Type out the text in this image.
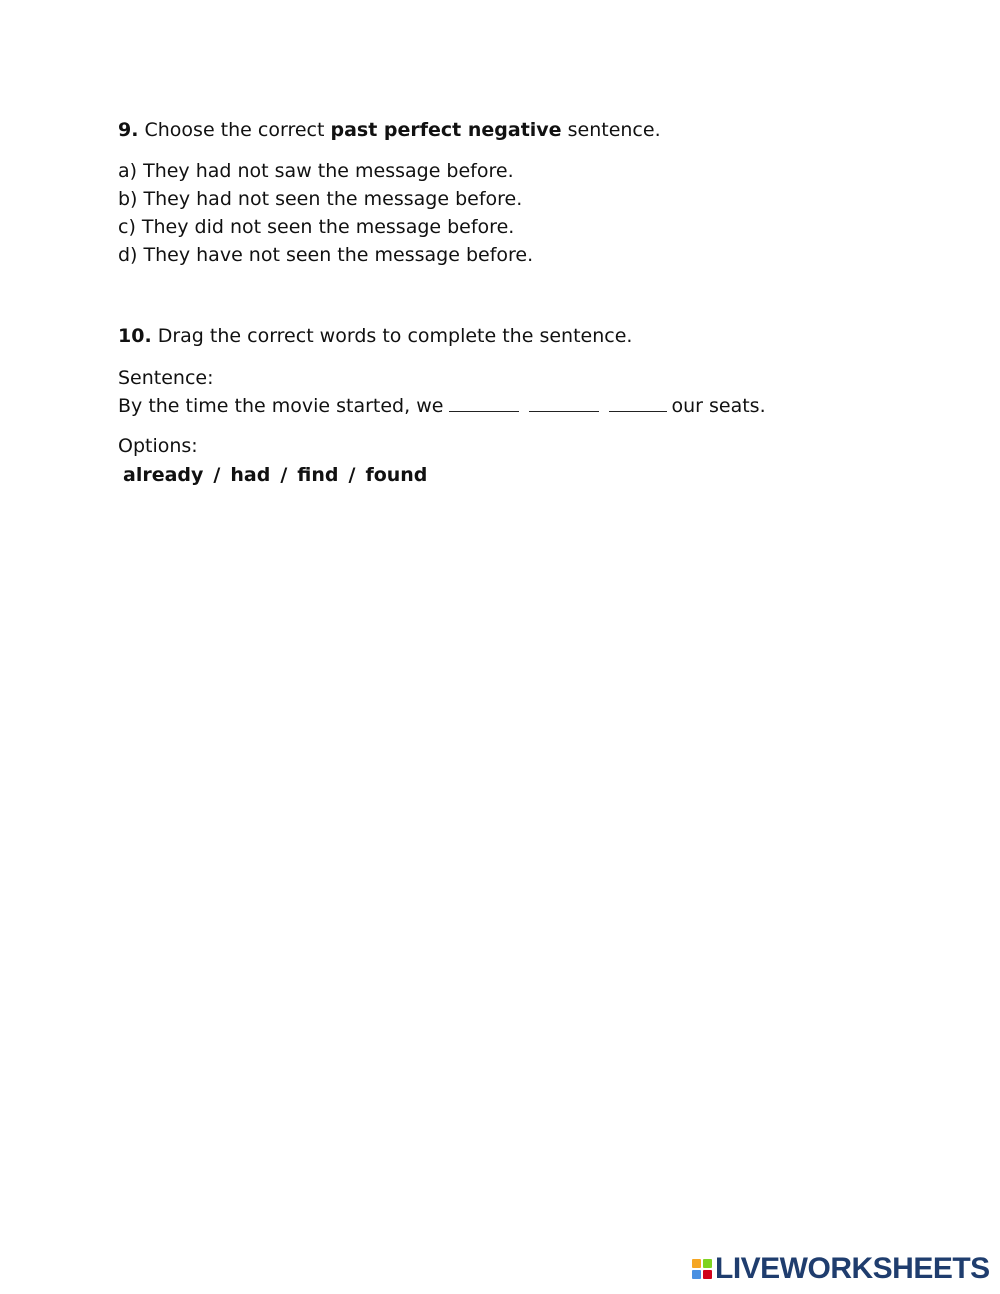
9. Choose the correct past perfect negative sentence.
a) They had not saw the message before.
b) They had not seen the message before.
c) They did not seen the message before.
d) They have not seen the message before.
10. Drag the correct words to complete the sentence.
Sentence:
By the time the movie started, we	our seats.
Options:
already / had / find / found
LIVEWORKSHEETS
